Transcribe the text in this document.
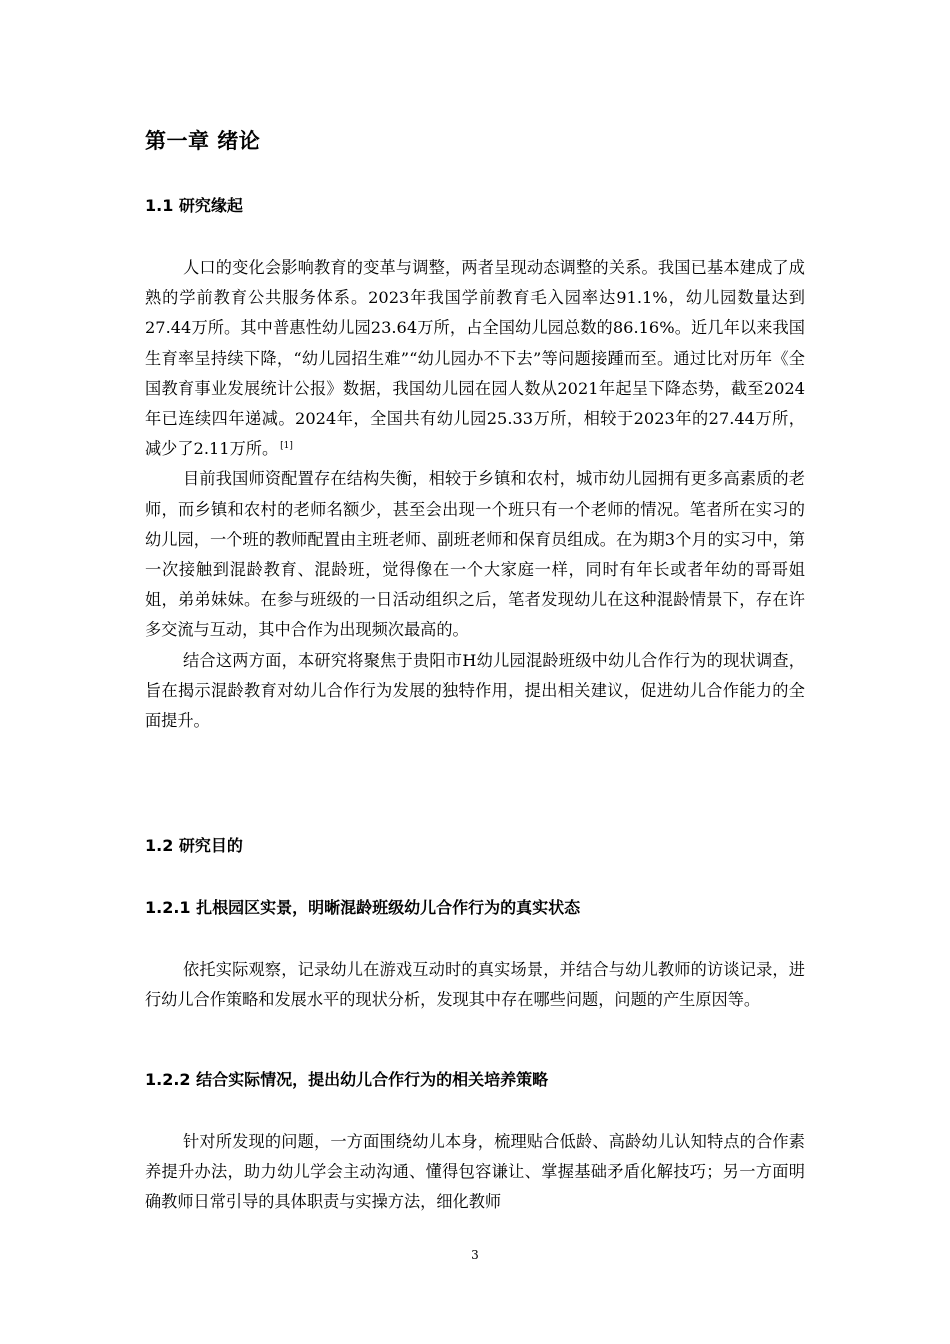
第一章 绪论
1.1 研究缘起

人口的变化会影响教育的变革与调整，两者呈现动态调整的关系。我国已基本建成了成熟的学前教育公共服务体系。2023年我国学前教育毛入园率达91.1%，幼儿园数量达到27.44万所。其中普惠性幼儿园23.64万所，占全国幼儿园总数的86.16%。近几年以来我国生育率呈持续下降，“幼儿园招生难”“幼儿园办不下去”等问题接踵而至。通过比对历年《全国教育事业发展统计公报》数据，我国幼儿园在园人数从2021年起呈下降态势，截至2024年已连续四年递减。2024年，全国共有幼儿园25.33万所，相较于2023年的27.44万所，减少了2.11万所。 [1]

目前我国师资配置存在结构失衡，相较于乡镇和农村，城市幼儿园拥有更多高素质的老师，而乡镇和农村的老师名额少，甚至会出现一个班只有一个老师的情况。笔者所在实习的幼儿园，一个班的教师配置由主班老师、副班老师和保育员组成。在为期3个月的实习中，第一次接触到混龄教育、混龄班，觉得像在一个大家庭一样，同时有年长或者年幼的哥哥姐姐，弟弟妹妹。在参与班级的一日活动组织之后，笔者发现幼儿在这种混龄情景下，存在许多交流与互动，其中合作为出现频次最高的。

结合这两方面，本研究将聚焦于贵阳市H幼儿园混龄班级中幼儿合作行为的现状调查，旨在揭示混龄教育对幼儿合作行为发展的独特作用，提出相关建议，促进幼儿合作能力的全面提升。

1.2 研究目的
1.2.1 扎根园区实景，明晰混龄班级幼儿合作行为的真实状态

依托实际观察，记录幼儿在游戏互动时的真实场景，并结合与幼儿教师的访谈记录，进行幼儿合作策略和发展水平的现状分析，发现其中存在哪些问题，问题的产生原因等。

1.2.2 结合实际情况，提出幼儿合作行为的相关培养策略

针对所发现的问题，一方面围绕幼儿本身，梳理贴合低龄、高龄幼儿认知特点的合作素养提升办法，助力幼儿学会主动沟通、懂得包容谦让、掌握基础矛盾化解技巧；另一方面明确教师日常引导的具体职责与实操方法，细化教师

3
